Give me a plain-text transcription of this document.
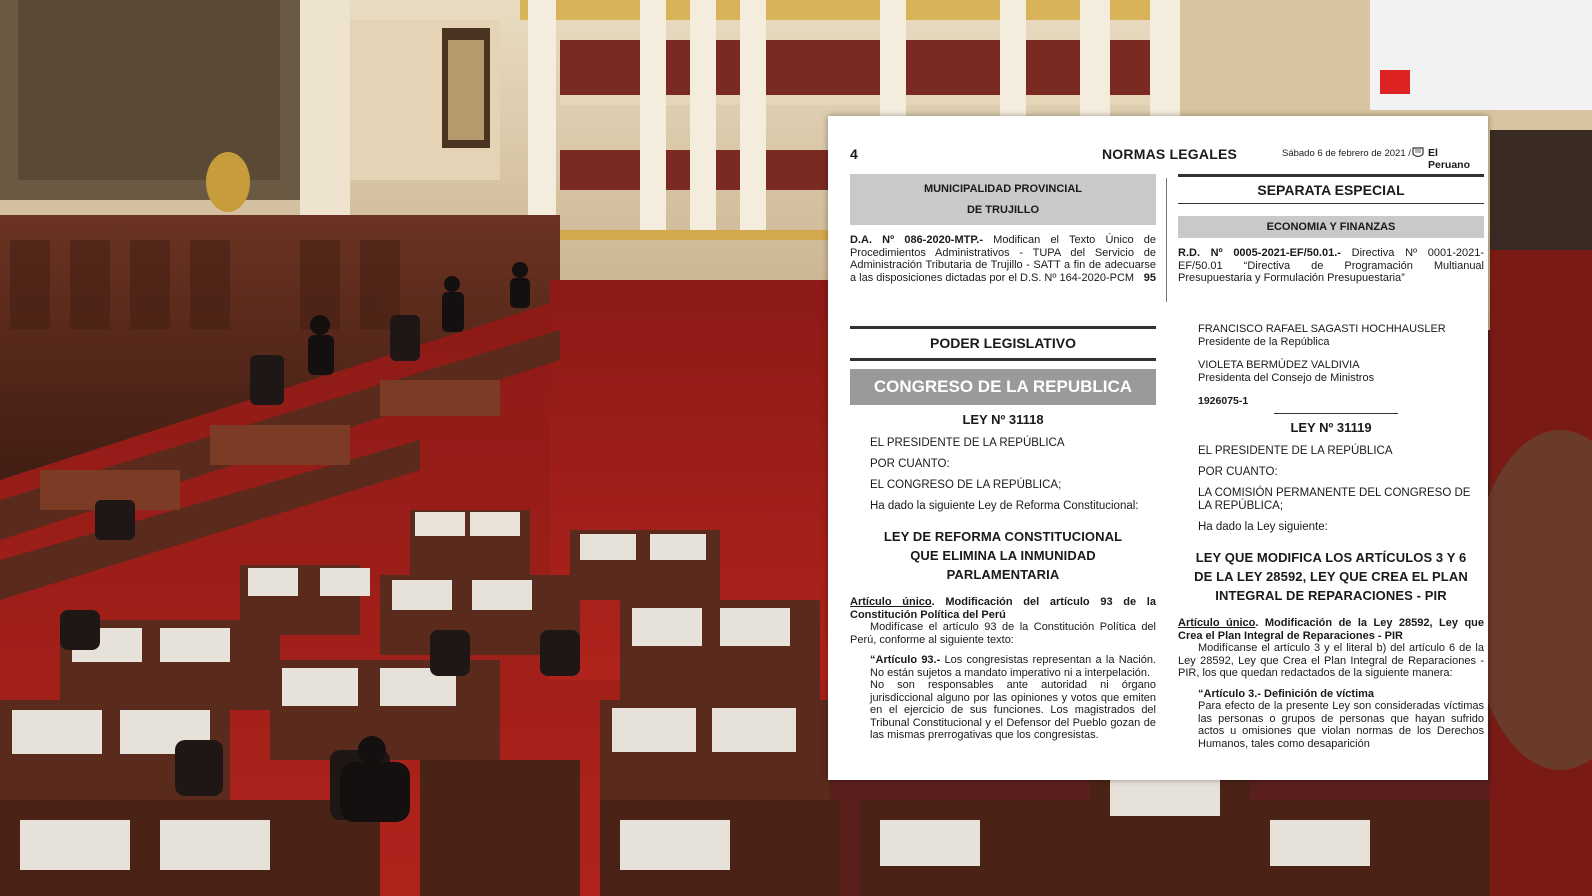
4	NORMAS LEGALES	Sábado 6 de febrero de 2021 / El Peruano
MUNICIPALIDAD PROVINCIAL
DE TRUJILLO
D.A. Nº 086-2020-MTP.- Modifican el Texto Único de Procedimientos Administrativos - TUPA del Servicio de Administración Tributaria de Trujillo - SATT a fin de adecuarse a las disposiciones dictadas por el D.S. Nº 164-2020-PCM 95
SEPARATA ESPECIAL
ECONOMIA Y FINANZAS
R.D. Nº 0005-2021-EF/50.01.- Directiva Nº 0001-2021-EF/50.01 “Directiva de Programación Multianual Presupuestaria y Formulación Presupuestaria”
PODER LEGISLATIVO
CONGRESO DE LA REPUBLICA
LEY Nº 31118
EL PRESIDENTE DE LA REPÚBLICA
POR CUANTO:
EL CONGRESO DE LA REPÚBLICA;
Ha dado la siguiente Ley de Reforma Constitucional:
LEY DE REFORMA CONSTITUCIONAL
QUE ELIMINA LA INMUNIDAD
PARLAMENTARIA
Artículo único. Modificación del artículo 93 de la Constitución Política del Perú
Modifícase el artículo 93 de la Constitución Política del Perú, conforme al siguiente texto:
“Artículo 93.- Los congresistas representan a la Nación. No están sujetos a mandato imperativo ni a interpelación.
No son responsables ante autoridad ni órgano jurisdiccional alguno por las opiniones y votos que emiten en el ejercicio de sus funciones. Los magistrados del Tribunal Constitucional y el Defensor del Pueblo gozan de las mismas prerrogativas que los congresistas.
FRANCISCO RAFAEL SAGASTI HOCHHAUSLER
Presidente de la República
VIOLETA BERMÚDEZ VALDIVIA
Presidenta del Consejo de Ministros
1926075-1
LEY Nº 31119
EL PRESIDENTE DE LA REPÚBLICA
POR CUANTO:
LA COMISIÓN PERMANENTE DEL CONGRESO DE LA REPÚBLICA;
Ha dado la Ley siguiente:
LEY QUE MODIFICA LOS ARTÍCULOS 3 Y 6
DE LA LEY 28592, LEY QUE CREA EL PLAN
INTEGRAL DE REPARACIONES - PIR
Artículo único. Modificación de la Ley 28592, Ley que Crea el Plan Integral de Reparaciones - PIR
Modifícanse el artículo 3 y el literal b) del artículo 6 de la Ley 28592, Ley que Crea el Plan Integral de Reparaciones - PIR, los que quedan redactados de la siguiente manera:
“Artículo 3.- Definición de víctima
Para efecto de la presente Ley son consideradas víctimas las personas o grupos de personas que hayan sufrido actos u omisiones que violan normas de los Derechos Humanos, tales como desaparición
